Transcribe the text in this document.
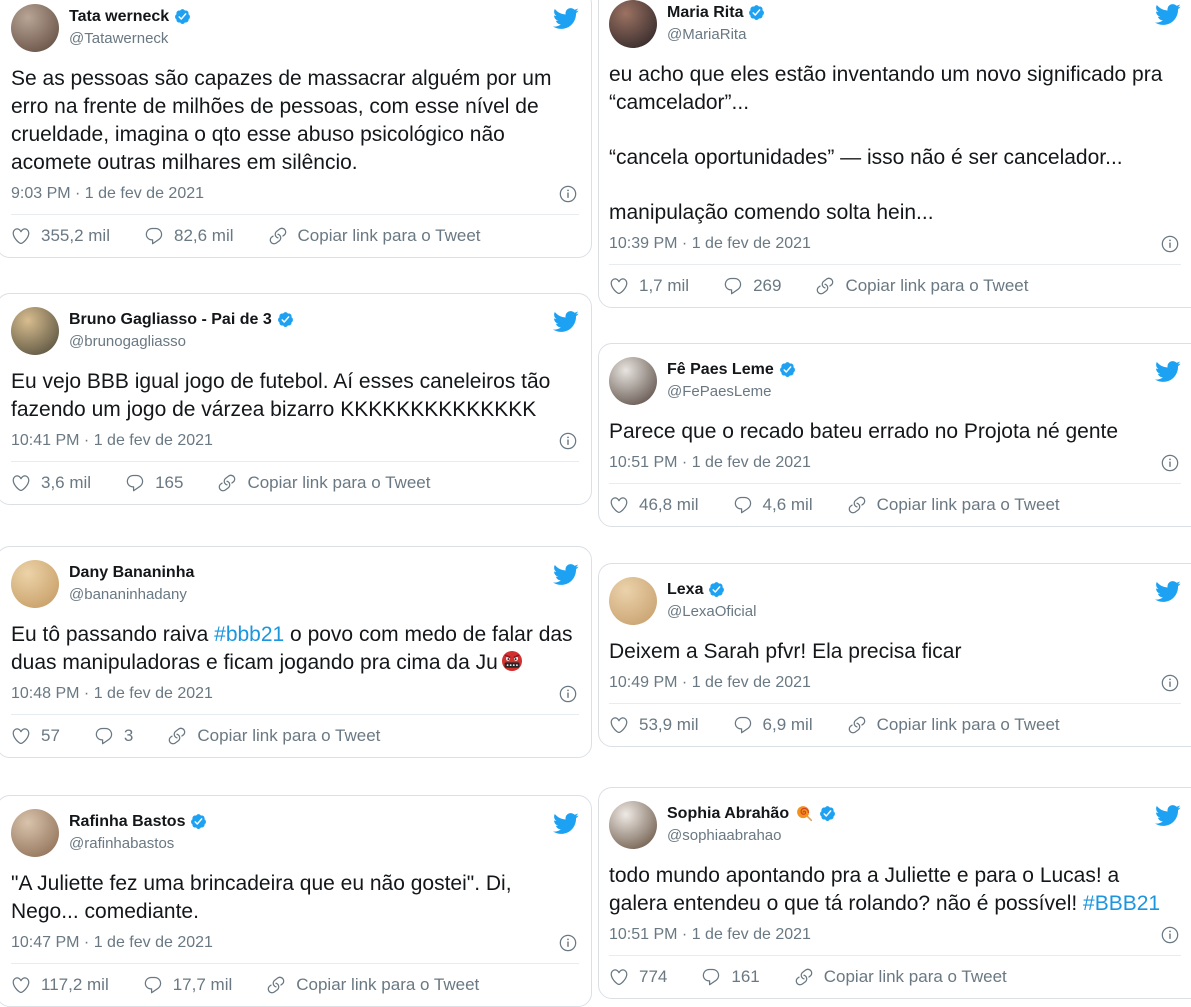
Tata werneck
@Tatawerneck
Se as pessoas são capazes de massacrar alguém por um
erro na frente de milhões de pessoas, com esse nível de
crueldade, imagina o qto esse abuso psicológico não
acomete outras milhares em silêncio.
9:03 PM · 1 de fev de 2021
355,2 mil	82,6 mil	Copiar link para o Tweet
Bruno Gagliasso - Pai de 3
@brunogagliasso
Eu vejo BBB igual jogo de futebol. Aí esses caneleiros tão
fazendo um jogo de várzea bizarro KKKKKKKKKKKKKK
10:41 PM · 1 de fev de 2021
3,6 mil	165	Copiar link para o Tweet
Dany Bananinha
@bananinhadany
Eu tô passando raiva #bbb21 o povo com medo de falar das
duas manipuladoras e ficam jogando pra cima da Ju
10:48 PM · 1 de fev de 2021
57	3	Copiar link para o Tweet
Rafinha Bastos
@rafinhabastos
"A Juliette fez uma brincadeira que eu não gostei". Di,
Nego... comediante.
10:47 PM · 1 de fev de 2021
117,2 mil	17,7 mil	Copiar link para o Tweet
Maria Rita
@MariaRita
eu acho que eles estão inventando um novo significado pra
“camcelador”...
“cancela oportunidades” — isso não é ser cancelador...
manipulação comendo solta hein...
10:39 PM · 1 de fev de 2021
1,7 mil	269	Copiar link para o Tweet
Fê Paes Leme
@FePaesLeme
Parece que o recado bateu errado no Projota né gente
10:51 PM · 1 de fev de 2021
46,8 mil	4,6 mil	Copiar link para o Tweet
Lexa
@LexaOficial
Deixem a Sarah pfvr! Ela precisa ficar
10:49 PM · 1 de fev de 2021
53,9 mil	6,9 mil	Copiar link para o Tweet
Sophia Abrahão
@sophiaabrahao
todo mundo apontando pra a Juliette e para o Lucas! a
galera entendeu o que tá rolando? não é possível! #BBB21
10:51 PM · 1 de fev de 2021
774	161	Copiar link para o Tweet
